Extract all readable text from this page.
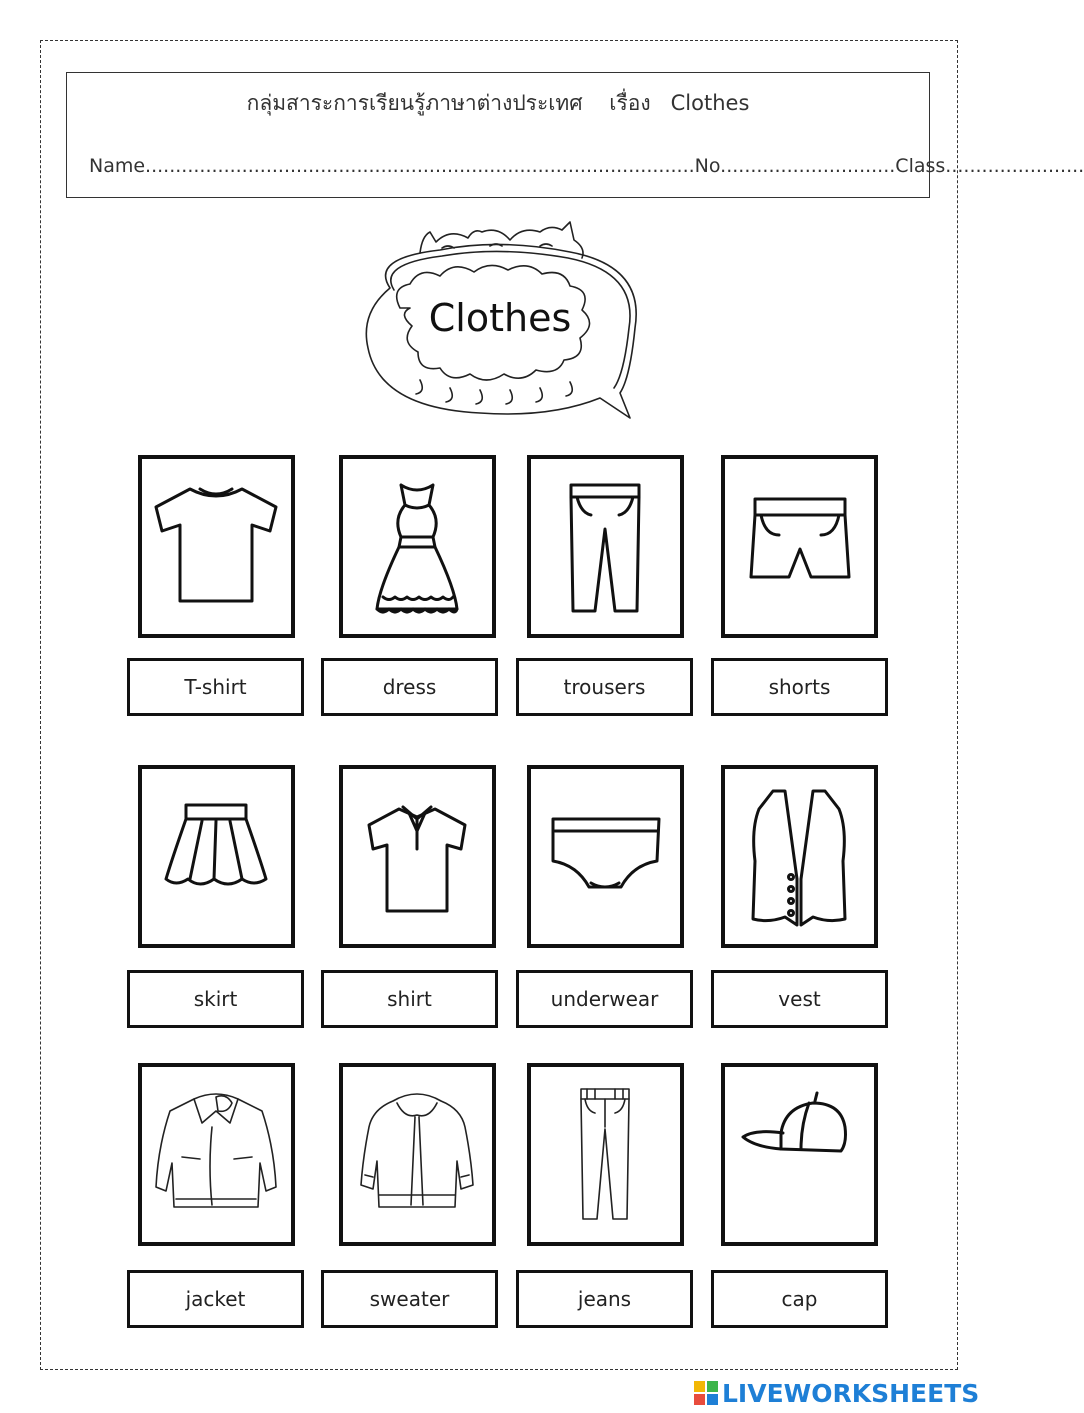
กลุ่มสาระการเรียนรู้ภาษาต่างประเทศ    เรื่อง   Clothes
Name...........................................................................................No.............................Class.......................
Clothes
T-shirt	dress	trousers	shorts
skirt	shirt	underwear	vest
jacket	sweater	jeans	cap
LIVE WORKSHEETS
